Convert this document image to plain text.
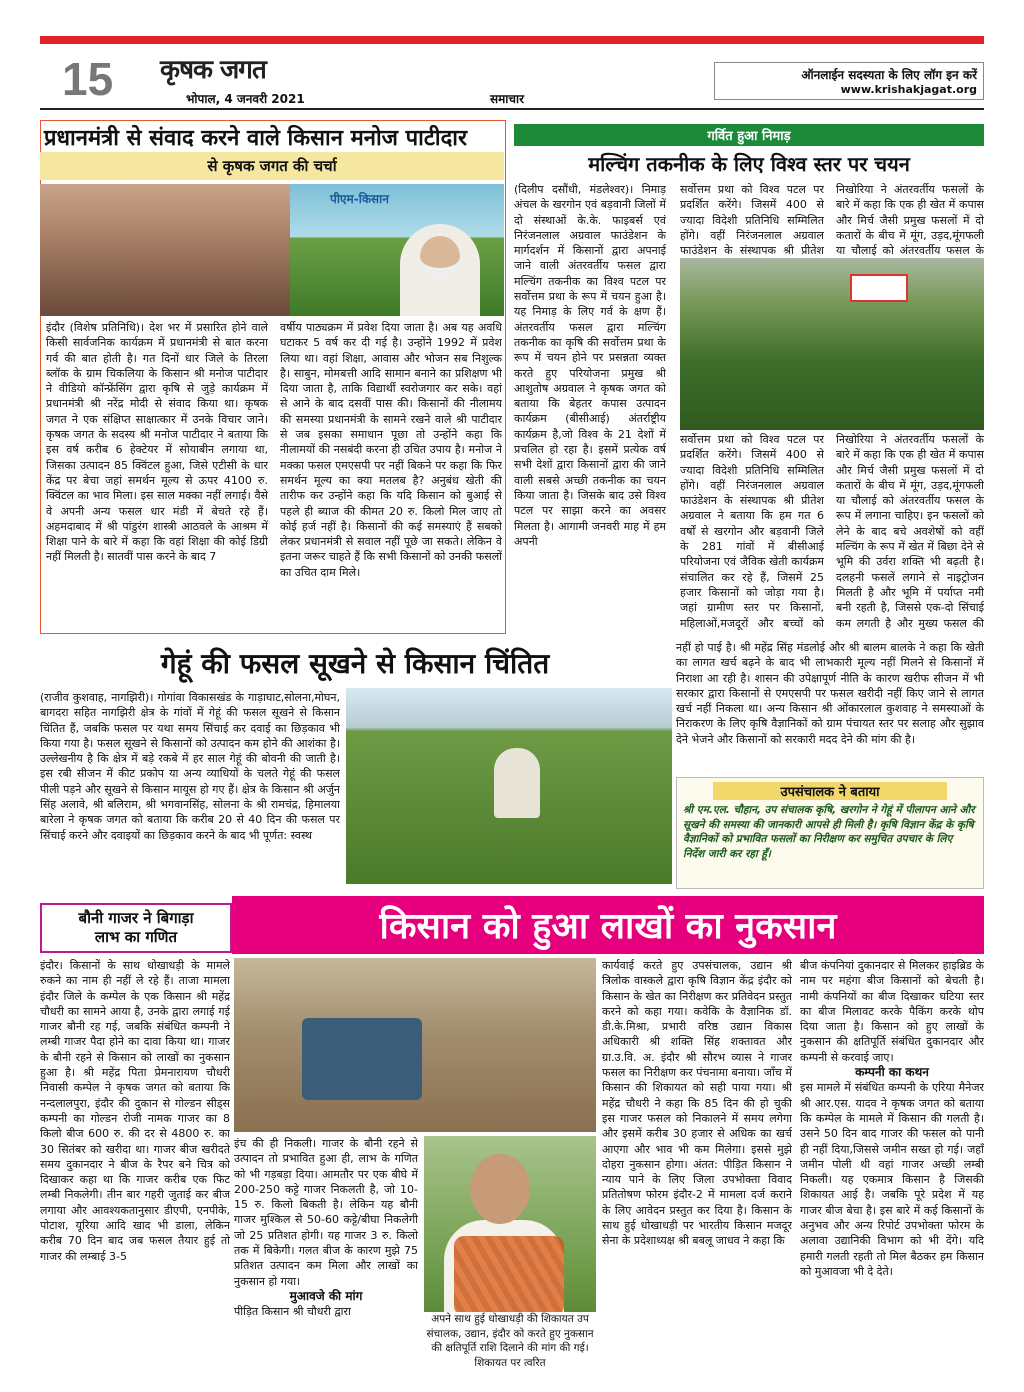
15 कृषक जगत
भोपाल, 4 जनवरी 2021	समाचार
ऑनलाईन सदस्यता के लिए लॉग इन करें
www.krishakjagat.org
प्रधानमंत्री से संवाद करने वाले किसान मनोज पाटीदार
से कृषक जगत की चर्चा
पीएम-किसान
इंदौर (विशेष प्रतिनिधि)। देश भर में प्रसारित होने वाले किसी सार्वजनिक कार्यक्रम में प्रधानमंत्री से बात करना गर्व की बात होती है। गत दिनों धार जिले के तिरला ब्लॉक के ग्राम चिकलिया के किसान श्री मनोज पाटीदार ने वीडियो कॉन्फ्रेंसिंग द्वारा कृषि से जुड़े कार्यक्रम में प्रधानमंत्री श्री नरेंद्र मोदी से संवाद किया था। कृषक जगत ने एक संक्षिप्त साक्षात्कार में उनके विचार जाने। कृषक जगत के सदस्य श्री मनोज पाटीदार ने बताया कि इस वर्ष करीब 6 हेक्टेयर में सोयाबीन लगाया था, जिसका उत्पादन 85 क्विंटल हुआ, जिसे एटीसी के धार केंद्र पर बेचा जहां समर्थन मूल्य से ऊपर 4100 रु. क्विंटल का भाव मिला। इस साल मक्का नहीं लगाई। वैसे वे अपनी अन्य फसल धार मंडी में बेचते रहे हैं। अहमदाबाद में श्री पांडुरंग शास्त्री आठवले के आश्रम में शिक्षा पाने के बारे में कहा कि वहां शिक्षा की कोई डिग्री नहीं मिलती है। सातवीं पास करने के बाद 7
वर्षीय पाठ्यक्रम में प्रवेश दिया जाता है। अब यह अवधि घटाकर 5 वर्ष कर दी गई है। उन्होंने 1992 में प्रवेश लिया था। वहां शिक्षा, आवास और भोजन सब निशुल्क है। साबुन, मोमबत्ती आदि सामान बनाने का प्रशिक्षण भी दिया जाता है, ताकि विद्यार्थी स्वरोजगार कर सके। वहां से आने के बाद दसवीं पास की। किसानों की नीलामय की समस्या प्रधानमंत्री के सामने रखने वाले श्री पाटीदार से जब इसका समाधान पूछा तो उन्होंने कहा कि नीलामयों की नसबंदी करना ही उचित उपाय है। मनोज ने मक्का फसल एमएसपी पर नहीं बिकने पर कहा कि फिर समर्थन मूल्य का क्या मतलब है? अनुबंध खेती की तारीफ कर उन्होंने कहा कि यदि किसान को बुआई से पहले ही ब्याज की कीमत 20 रु. किलो मिल जाए तो कोई हर्ज नहीं है। किसानों की कई समस्याएं हैं सबको लेकर प्रधानमंत्री से सवाल नहीं पूछे जा सकते। लेकिन वे इतना जरूर चाहते हैं कि सभी किसानों को उनकी फसलों का उचित दाम मिले।
गर्वित हुआ निमाड़
मल्चिंग तकनीक के लिए विश्व स्तर पर चयन
(दिलीप दसौंधी, मंडलेश्वर)। निमाड़ अंचल के खरगोन एवं बड़वानी जिलों में दो संस्थाओं के.के. फाइबर्स एवं निरंजनलाल अग्रवाल फाउंडेशन के मार्गदर्शन में किसानों द्वारा अपनाई जाने वाली अंतरवर्तीय फसल द्वारा मल्चिंग तकनीक का विश्व पटल पर सर्वोत्तम प्रथा के रूप में चयन हुआ है। यह निमाड़ के लिए गर्व के क्षण हैं। अंतरवर्तीय फसल द्वारा मल्चिंग तकनीक का कृषि की सर्वोत्तम प्रथा के रूप में चयन होने पर प्रसन्नता व्यक्त करते हुए परियोजना प्रमुख श्री आशुतोष अग्रवाल ने कृषक जगत को बताया कि बेहतर कपास उत्पादन कार्यक्रम (बीसीआई) अंतर्राष्ट्रीय कार्यक्रम है,जो विश्व के 21 देशों में प्रचलित हो रहा है। इसमें प्रत्येक वर्ष सभी देशों द्वारा किसानों द्वारा की जाने वाली सबसे अच्छी तकनीक का चयन किया जाता है। जिसके बाद उसे विश्व पटल पर साझा करने का अवसर मिलता है। आगामी जनवरी माह में हम अपनी
सर्वोत्तम प्रथा को विश्व पटल पर प्रदर्शित करेंगे। जिसमें 400 से ज्यादा विदेशी प्रतिनिधि सम्मिलित होंगे। वहीं निरंजनलाल अग्रवाल फाउंडेशन के संस्थापक श्री प्रीतेश
निखोरिया ने अंतरवर्तीय फसलों के बारे में कहा कि एक ही खेत में कपास और मिर्च जैसी प्रमुख फसलों में दो कतारों के बीच में मूंग, उड़द,मूंगफली या चौलाई को अंतरवर्तीय फसल के
सर्वोत्तम प्रथा को विश्व पटल पर प्रदर्शित करेंगे। जिसमें 400 से ज्यादा विदेशी प्रतिनिधि सम्मिलित होंगे। वहीं निरंजनलाल अग्रवाल फाउंडेशन के संस्थापक श्री प्रीतेश अग्रवाल ने बताया कि हम गत 6 वर्षों से खरगोन और बड़वानी जिले के 281 गांवों में बीसीआई परियोजना एवं जैविक खेती कार्यक्रम संचालित कर रहे हैं, जिसमें 25 हजार किसानों को जोड़ा गया है। जहां ग्रामीण स्तर पर किसानों, महिलाओं,मजदूरों और बच्चों को
निखोरिया ने अंतरवर्तीय फसलों के बारे में कहा कि एक ही खेत में कपास और मिर्च जैसी प्रमुख फसलों में दो कतारों के बीच में मूंग, उड़द,मूंगफली या चौलाई को अंतरवर्तीय फसल के रूप में लगाना चाहिए। इन फसलों को लेने के बाद बचे अवशेषों को वहीं मल्चिंग के रूप में खेत में बिछा देने से भूमि की उर्वरा शक्ति भी बढ़ती है। दलहनी फसलें लगाने से नाइट्रोजन मिलती है और भूमि में पर्याप्त नमी बनी रहती है, जिससे एक-दो सिंचाई कम लगती है और मुख्य फसल की
गेहूं की फसल सूखने से किसान चिंतित
(राजीव कुशवाह, नागझिरी)। गोगांवा विकासखंड के गाड़ाघाट,सोलना,मोघन, बागदरा सहित नागझिरी क्षेत्र के गांवों में गेहूं की फसल सूखने से किसान चिंतित हैं, जबकि फसल पर यथा समय सिंचाई कर दवाई का छिड़काव भी किया गया है। फसल सूखने से किसानों को उत्पादन कम होने की आशंका है। उल्लेखनीय है कि क्षेत्र में बड़े रकबे में हर साल गेहूं की बोवनी की जाती है। इस रबी सीजन में कीट प्रकोप या अन्य व्याधियों के चलते गेहूं की फसल पीली पड़ने और सूखने से किसान मायूस हो गए हैं। क्षेत्र के किसान श्री अर्जुन सिंह अलावे, श्री बलिराम, श्री भगवानसिंह, सोलना के श्री रामचंद्र, हिमालया बारेला ने कृषक जगत को बताया कि करीब 20 से 40 दिन की फसल पर सिंचाई करने और दवाइयों का छिड़काव करने के बाद भी पूर्णत: स्वस्थ
नहीं हो पाई है। श्री महेंद्र सिंह मंडलोई और श्री बालम बालके ने कहा कि खेती का लागत खर्च बढ़ने के बाद भी लाभकारी मूल्य नहीं मिलने से किसानों में निराशा आ रही है। शासन की उपेक्षापूर्ण नीति के कारण खरीफ सीजन में भी सरकार द्वारा किसानों से एमएसपी पर फसल खरीदी नहीं किए जाने से लागत खर्च नहीं निकला था। अन्य किसान श्री ओंकारलाल कुशवाह ने समस्याओं के निराकरण के लिए कृषि वैज्ञानिकों को ग्राम पंचायत स्तर पर सलाह और सुझाव देने भेजने और किसानों को सरकारी मदद देने की मांग की है।
उपसंचालक ने बताया
श्री एम.एल. चौहान, उप संचालक कृषि, खरगोन ने गेहूं में पीलापन आने और सूखने की समस्या की जानकारी आपसे ही मिली है। कृषि विज्ञान केंद्र के कृषि वैज्ञानिकों को प्रभावित फसलों का निरीक्षण कर समुचित उपचार के लिए निर्देश जारी कर रहा हूँ।
बौनी गाजर ने बिगाड़ा
लाभ का गणित	किसान को हुआ लाखों का नुकसान
इंदौर। किसानों के साथ धोखाधड़ी के मामले रुकने का नाम ही नहीं ले रहे हैं। ताजा मामला इंदौर जिले के कम्पेल के एक किसान श्री महेंद्र चौधरी का सामने आया है, उनके द्वारा लगाई गई गाजर बौनी रह गई, जबकि संबंधित कम्पनी ने लम्बी गाजर पैदा होने का दावा किया था। गाजर के बौनी रहने से किसान को लाखों का नुकसान हुआ है। श्री महेंद्र पिता प्रेमनारायण चौधरी निवासी कम्पेल ने कृषक जगत को बताया कि नन्दलालपुरा, इंदौर की दुकान से गोल्डन सीड्स कम्पनी का गोल्डन रोजी नामक गाजर का 8 किलो बीज 600 रु. की दर से 4800 रु. का 30 सितंबर को खरीदा था। गाजर बीज खरीदते समय दुकानदार ने बीज के रैपर बने चित्र को दिखाकर कहा था कि गाजर करीब एक फिट लम्बी निकलेगी। तीन बार गहरी जुताई कर बीज लगाया और आवश्यकतानुसार डीएपी, एनपीके, पोटाश, यूरिया आदि खाद भी डाला, लेकिन करीब 70 दिन बाद जब फसल तैयार हुई तो गाजर की लम्बाई 3-5
इंच की ही निकली। गाजर के बौनी रहने से उत्पादन तो प्रभावित हुआ ही, लाभ के गणित को भी गड़बड़ा दिया। आमतौर पर एक बीघे में 200-250 कट्टे गाजर निकलती है, जो 10-15 रु. किलो बिकती है। लेकिन यह बौनी गाजर मुश्किल से 50-60 कट्टे/बीघा निकलेगी जो 25 प्रतिशत होगी। यह गाजर 3 रु. किलो तक में बिकेगी। गलत बीज के कारण मुझे 75 प्रतिशत उत्पादन कम मिला और लाखों का नुकसान हो गया।
मुआवजे की मांग
पीड़ित किसान श्री चौधरी द्वारा
अपने साथ हुई धोखाधड़ी की शिकायत उप संचालक, उद्यान, इंदौर को करते हुए नुकसान की क्षतिपूर्ति राशि दिलाने की मांग की गई। शिकायत पर त्वरित
कार्यवाई करते हुए उपसंचालक, उद्यान श्री त्रिलोक वास्कले द्वारा कृषि विज्ञान केंद्र इंदौर को किसान के खेत का निरीक्षण कर प्रतिवेदन प्रस्तुत करने को कहा गया। कवेकि के वैज्ञानिक डॉ. डी.के.मिश्रा, प्रभारी वरिष्ठ उद्यान विकास अधिकारी श्री शक्ति सिंह शक्तावत और ग्रा.उ.वि. अ. इंदौर श्री सौरभ व्यास ने गाजर फसल का निरीक्षण कर पंचनामा बनाया। जाँच में किसान की शिकायत को सही पाया गया। श्री महेंद्र चौधरी ने कहा कि 85 दिन की हो चुकी इस गाजर फसल को निकालने में समय लगेगा और इसमें करीब 30 हजार से अधिक का खर्च आएगा और भाव भी कम मिलेगा। इससे मुझे दोहरा नुकसान होगा। अंतत: पीड़ित किसान ने न्याय पाने के लिए जिला उपभोक्ता विवाद प्रतितोषण फोरम इंदौर-2 में मामला दर्ज कराने के लिए आवेदन प्रस्तुत कर दिया है। किसान के साथ हुई धोखाधड़ी पर भारतीय किसान मजदूर सेना के प्रदेशाध्यक्ष श्री बबलू जाधव ने कहा कि
बीज कंपनियां दुकानदार से मिलकर हाइब्रिड के नाम पर महंगा बीज किसानों को बेचती है। नामी कंपनियों का बीज दिखाकर घटिया स्तर का बीज मिलावट करके पैकिंग करके थोप दिया जाता है। किसान को हुए लाखों के नुकसान की क्षतिपूर्ति संबंधित दुकानदार और कम्पनी से करवाई जाए।
कम्पनी का कथन
इस मामले में संबंधित कम्पनी के एरिया मैनेजर श्री आर.एस. यादव ने कृषक जगत को बताया कि कम्पेल के मामले में किसान की गलती है। उसने 50 दिन बाद गाजर की फसल को पानी ही नहीं दिया,जिससे जमीन सख्त हो गई। जहाँ जमीन पोली थी वहां गाजर अच्छी लम्बी निकली। यह एकमात्र किसान है जिसकी शिकायत आई है। जबकि पूरे प्रदेश में यह गाजर बीज बेचा है। इस बारे में कई किसानों के अनुभव और अन्य रिपोर्ट उपभोक्ता फोरम के अलावा उद्यानिकी विभाग को भी देंगे। यदि हमारी गलती रहती तो मिल बैठकर हम किसान को मुआवजा भी दे देते।
